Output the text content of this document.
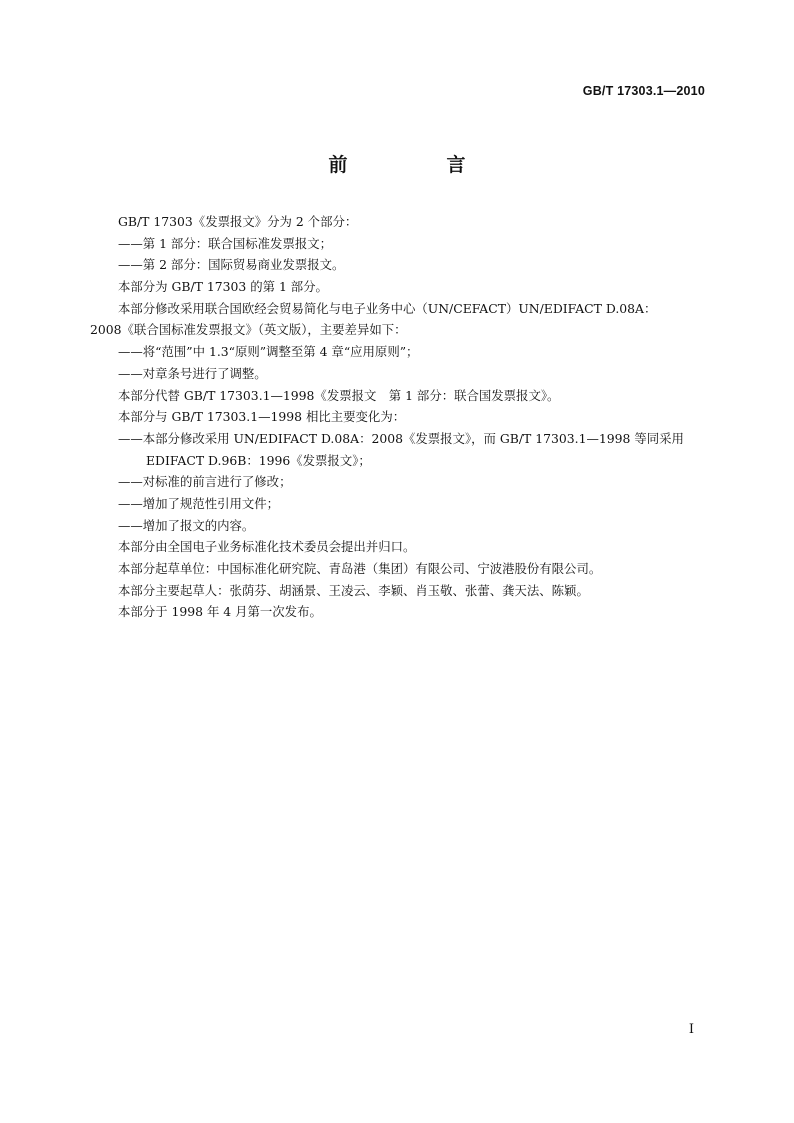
GB/T 17303.1—2010
前　言
GB/T 17303《发票报文》分为 2 个部分：
——第 1 部分：联合国标准发票报文；
——第 2 部分：国际贸易商业发票报文。
本部分为 GB/T 17303 的第 1 部分。
本部分修改采用联合国欧经会贸易简化与电子业务中心（UN/CEFACT）UN/EDIFACT D.08A：
2008《联合国标准发票报文》（英文版），主要差异如下：
——将“范围”中 1.3“原则”调整至第 4 章“应用原则”；
——对章条号进行了调整。
本部分代替 GB/T 17303.1—1998《发票报文　第 1 部分：联合国发票报文》。
本部分与 GB/T 17303.1—1998 相比主要变化为：
——本部分修改采用 UN/EDIFACT D.08A：2008《发票报文》，而 GB/T 17303.1—1998 等同采用
EDIFACT D.96B：1996《发票报文》；
——对标准的前言进行了修改；
——增加了规范性引用文件；
——增加了报文的内容。
本部分由全国电子业务标准化技术委员会提出并归口。
本部分起草单位：中国标准化研究院、青岛港（集团）有限公司、宁波港股份有限公司。
本部分主要起草人：张荫芬、胡涵景、王凌云、李颖、肖玉敬、张蕾、龚天法、陈颖。
本部分于 1998 年 4 月第一次发布。
I
